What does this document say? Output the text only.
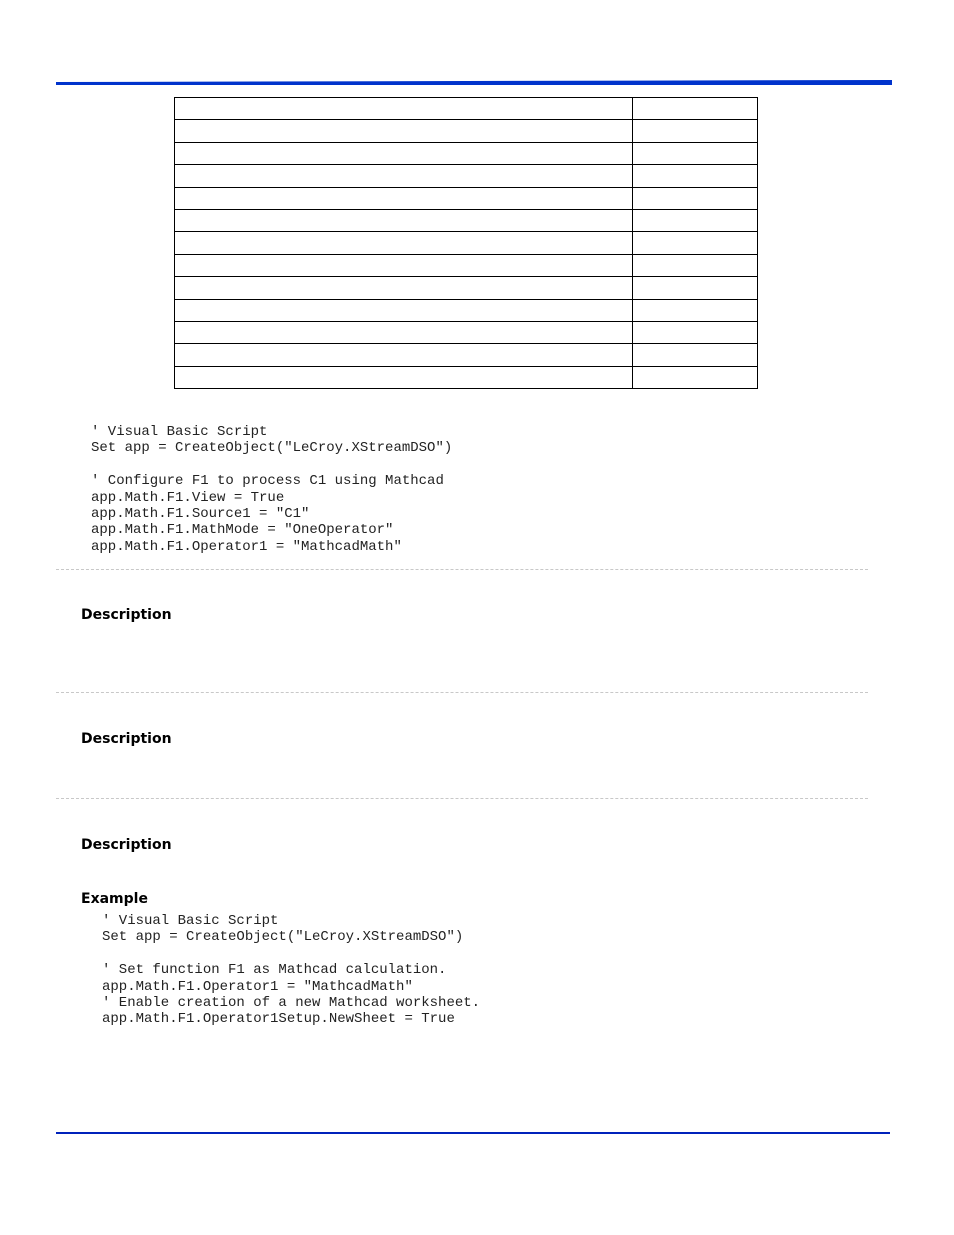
' Visual Basic Script
Set app = CreateObject("LeCroy.XStreamDSO")

' Configure F1 to process C1 using Mathcad
app.Math.F1.View = True
app.Math.F1.Source1 = "C1"
app.Math.F1.MathMode = "OneOperator"
app.Math.F1.Operator1 = "MathcadMath"
Description
Description
Description
Example
' Visual Basic Script
Set app = CreateObject("LeCroy.XStreamDSO")

' Set function F1 as Mathcad calculation.
app.Math.F1.Operator1 = "MathcadMath"
' Enable creation of a new Mathcad worksheet.
app.Math.F1.Operator1Setup.NewSheet = True
